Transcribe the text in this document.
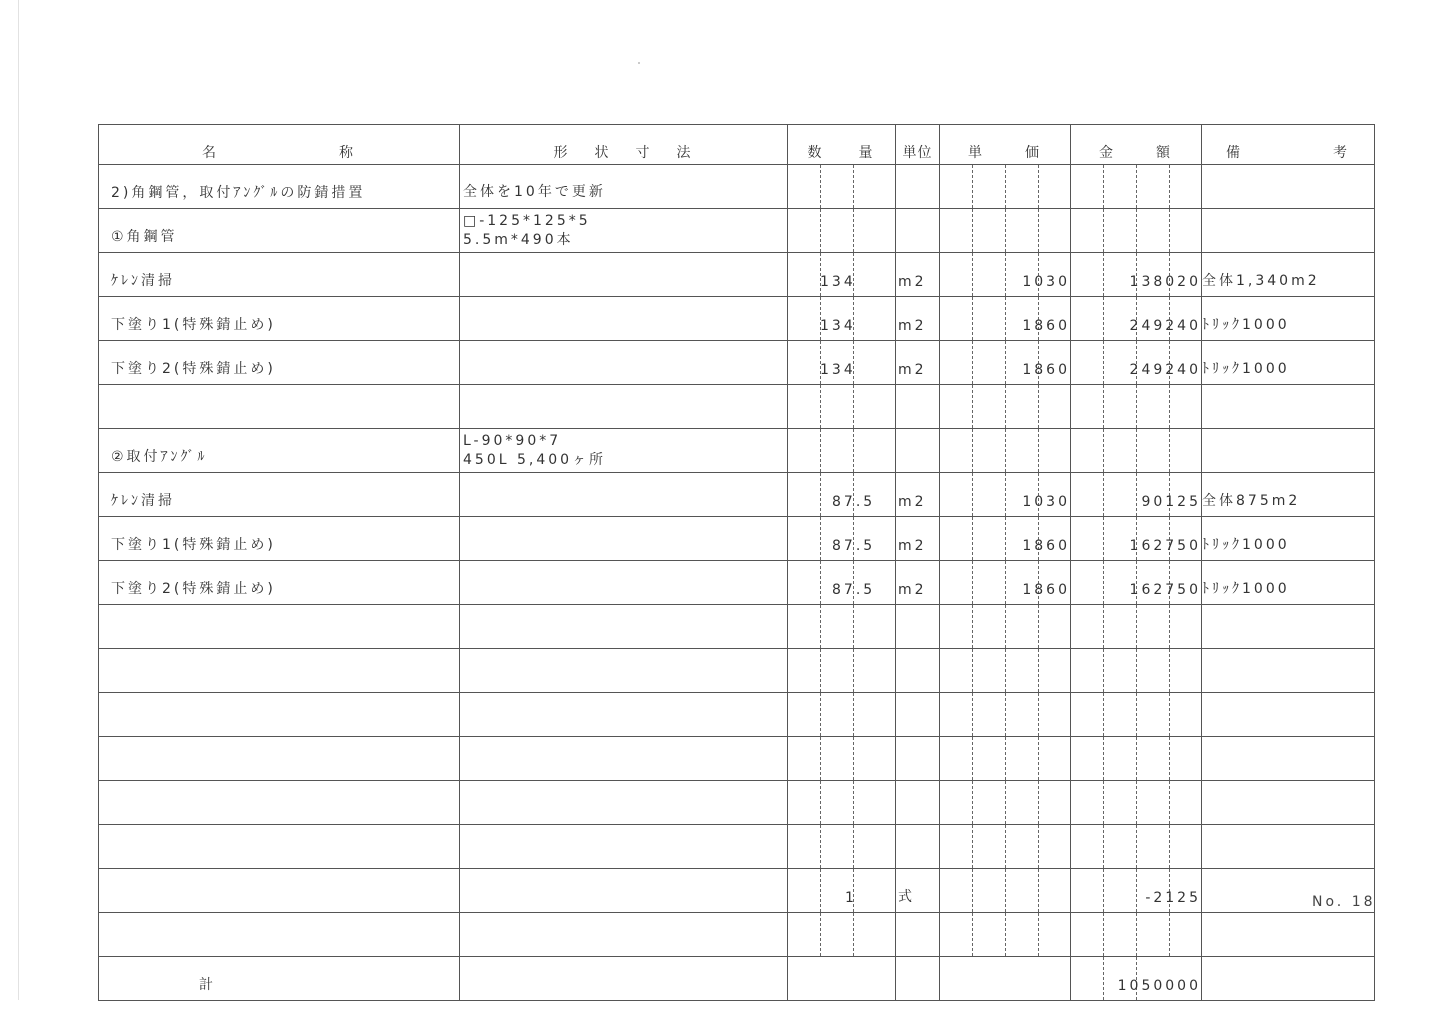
名 称	形 状 寸 法	数 量	単位	単 価	金 額	備 考
2)角鋼管，取付ｱﾝｸﾞﾙの防錆措置	全体を10年で更新	

①角鋼管	□-125*125*5
5.5m*490本					

ｹﾚﾝ清掃		134	m2	1030	138020	全体1,340m2
下塗り1(特殊錆止め)		134	m2	1860	249240	ﾄﾘｯｸ1000
下塗り2(特殊錆止め)		134	m2	1860	249240	ﾄﾘｯｸ1000

②取付ｱﾝｸﾞﾙ	L-90*90*7
450L 5,400ヶ所					

ｹﾚﾝ清掃		87.5	m2	1030	90125	全体875m2
下塗り1(特殊錆止め)		87.5	m2	1860	162750	ﾄﾘｯｸ1000
下塗り2(特殊錆止め)		87.5	m2	1860	162750	ﾄﾘｯｸ1000

		1	式		-2125	

計					1050000	

No. 18
